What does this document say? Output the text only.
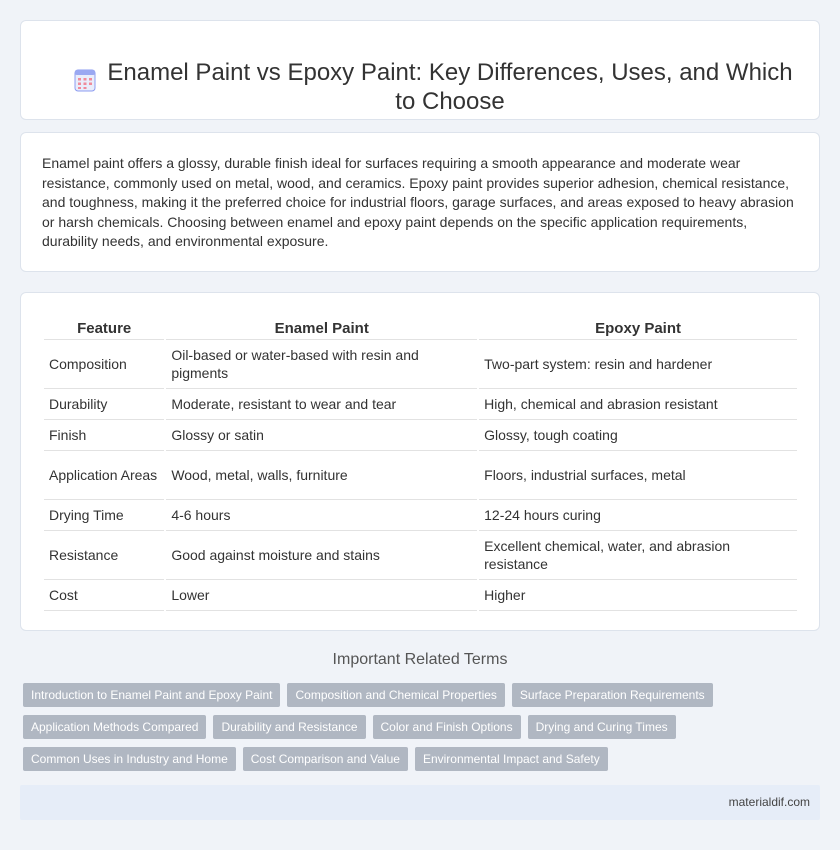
Enamel Paint vs Epoxy Paint: Key Differences, Uses, and Which to Choose

Enamel paint offers a glossy, durable finish ideal for surfaces requiring a smooth appearance and moderate wear resistance, commonly used on metal, wood, and ceramics. Epoxy paint provides superior adhesion, chemical resistance, and toughness, making it the preferred choice for industrial floors, garage surfaces, and areas exposed to heavy abrasion or harsh chemicals. Choosing between enamel and epoxy paint depends on the specific application requirements, durability needs, and environmental exposure.

Feature	Enamel Paint	Epoxy Paint
Composition	Oil-based or water-based with resin and pigments	Two-part system: resin and hardener
Durability	Moderate, resistant to wear and tear	High, chemical and abrasion resistant
Finish	Glossy or satin	Glossy, tough coating
Application Areas	Wood, metal, walls, furniture	Floors, industrial surfaces, metal
Drying Time	4-6 hours	12-24 hours curing
Resistance	Good against moisture and stains	Excellent chemical, water, and abrasion resistance
Cost	Lower	Higher
Important Related Terms
Introduction to Enamel Paint and Epoxy Paint	Composition and Chemical Properties	Surface Preparation Requirements
Application Methods Compared	Durability and Resistance	Color and Finish Options	Drying and Curing Times
Common Uses in Industry and Home	Cost Comparison and Value	Environmental Impact and Safety
materialdif.com
